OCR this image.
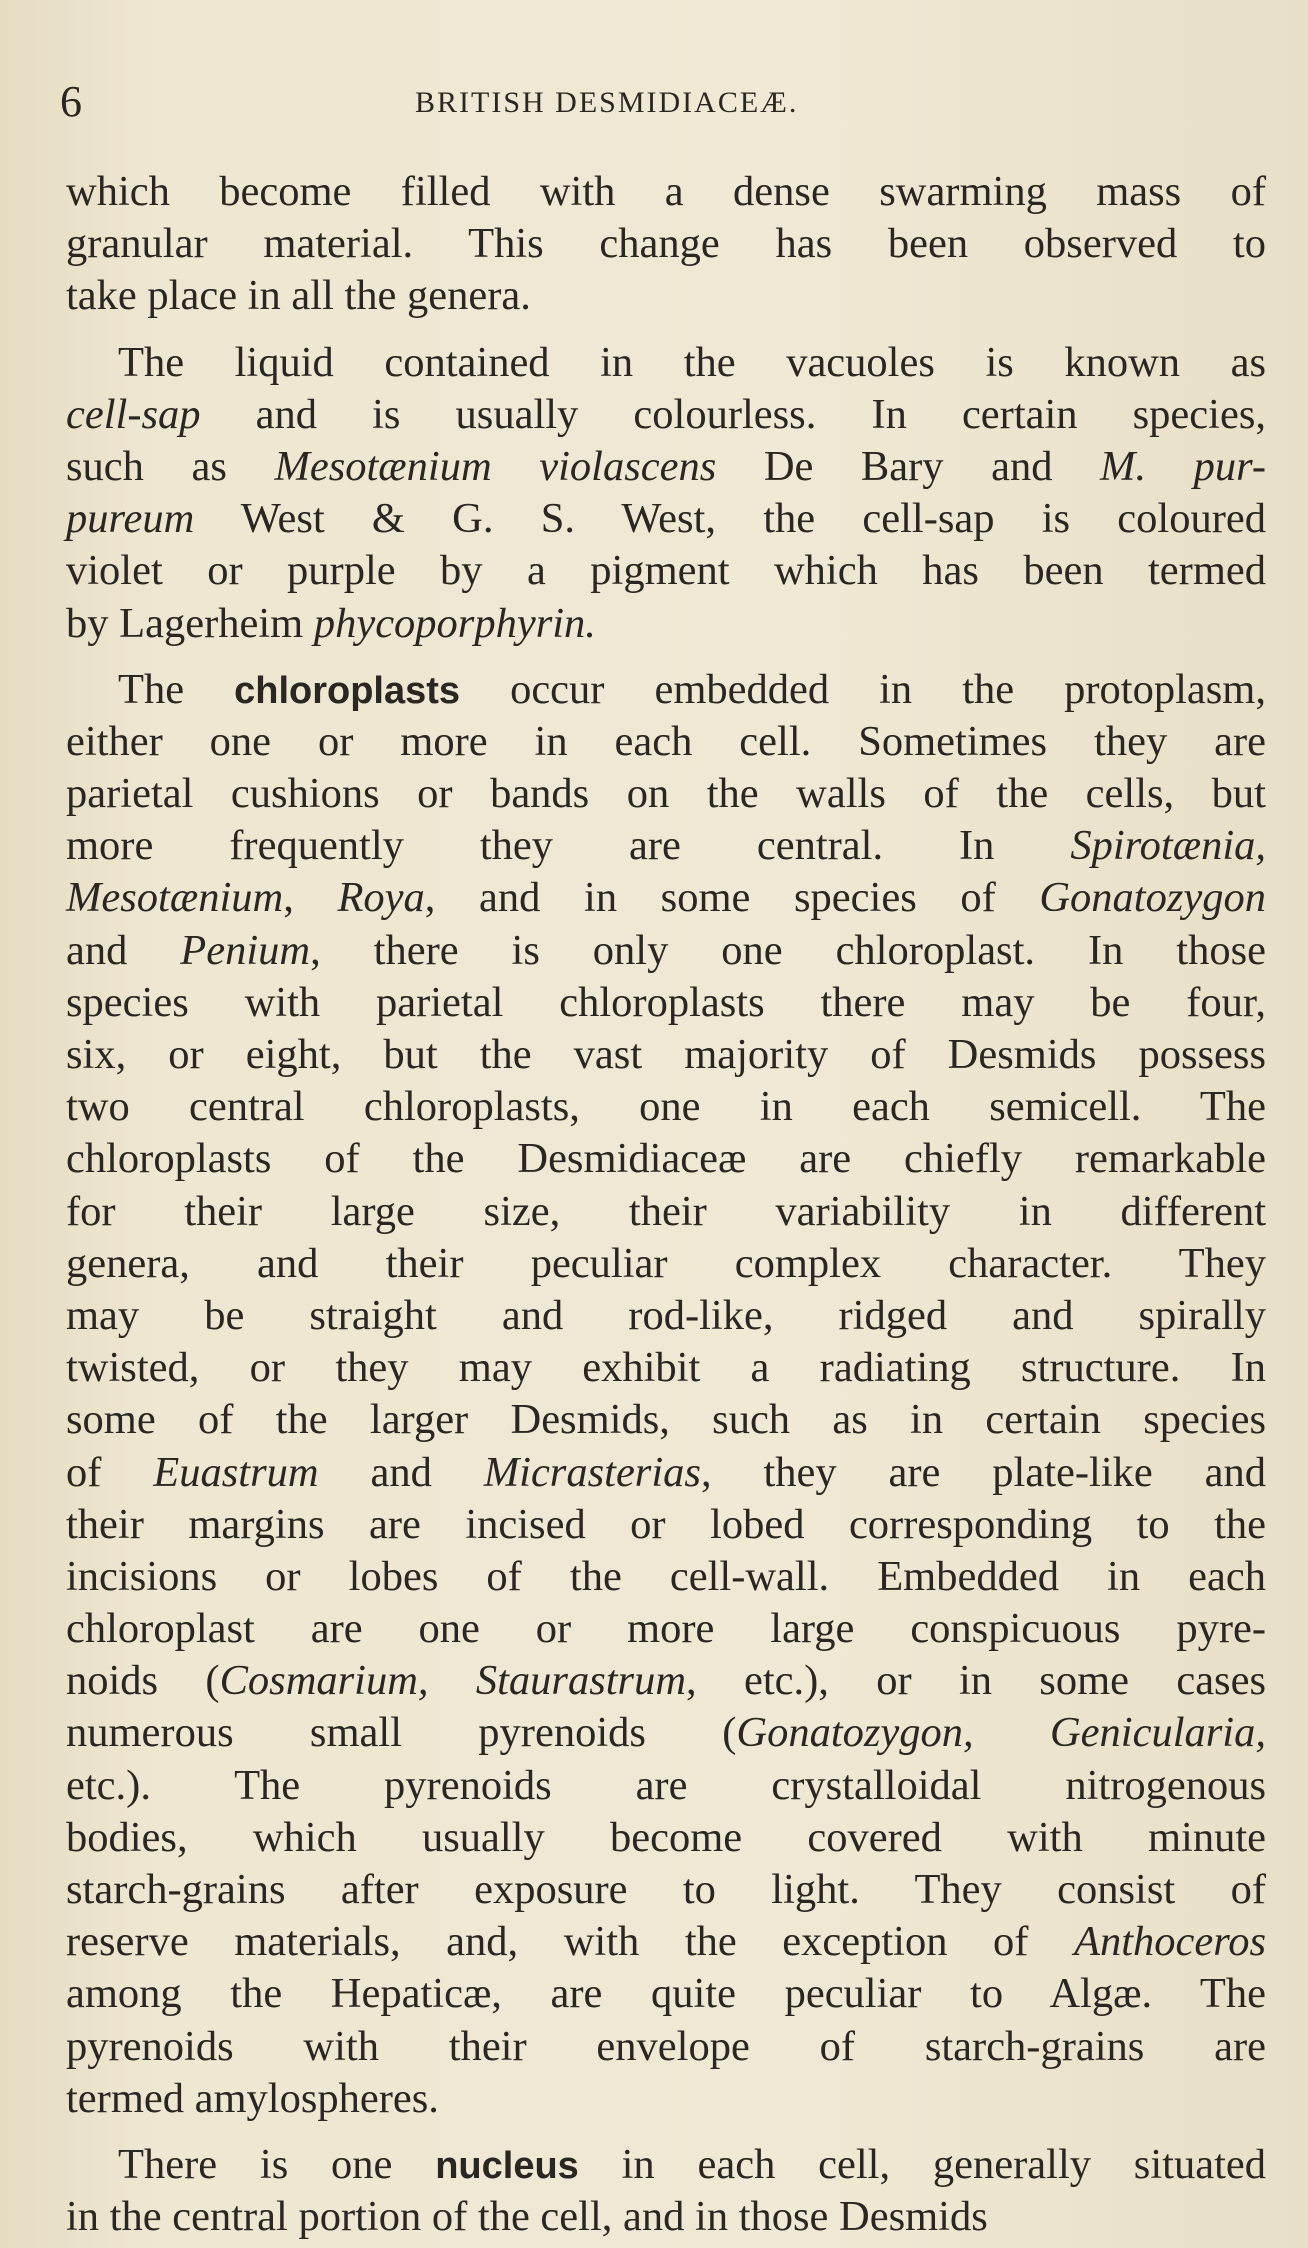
6	BRITISH DESMIDIACEÆ.
which become filled with a dense swarming mass of
granular material. This change has been observed to
take place in all the genera.
The liquid contained in the vacuoles is known as
cell-sap and is usually colourless. In certain species,
such as Mesotænium violascens De Bary and M. pur-
pureum West & G. S. West, the cell-sap is coloured
violet or purple by a pigment which has been termed
by Lagerheim phycoporphyrin.
The chloroplasts occur embedded in the protoplasm,
either one or more in each cell. Sometimes they are
parietal cushions or bands on the walls of the cells, but
more frequently they are central. In Spirotænia,
Mesotænium, Roya, and in some species of Gonatozygon
and Penium, there is only one chloroplast. In those
species with parietal chloroplasts there may be four,
six, or eight, but the vast majority of Desmids possess
two central chloroplasts, one in each semicell. The
chloroplasts of the Desmidiaceæ are chiefly remarkable
for their large size, their variability in different
genera, and their peculiar complex character. They
may be straight and rod-like, ridged and spirally
twisted, or they may exhibit a radiating structure. In
some of the larger Desmids, such as in certain species
of Euastrum and Micrasterias, they are plate-like and
their margins are incised or lobed corresponding to the
incisions or lobes of the cell-wall. Embedded in each
chloroplast are one or more large conspicuous pyre-
noids (Cosmarium, Staurastrum, etc.), or in some cases
numerous small pyrenoids (Gonatozygon, Genicularia,
etc.). The pyrenoids are crystalloidal nitrogenous
bodies, which usually become covered with minute
starch-grains after exposure to light. They consist of
reserve materials, and, with the exception of Anthoceros
among the Hepaticæ, are quite peculiar to Algæ. The
pyrenoids with their envelope of starch-grains are
termed amylospheres.
There is one nucleus in each cell, generally situated
in the central portion of the cell, and in those Desmids
